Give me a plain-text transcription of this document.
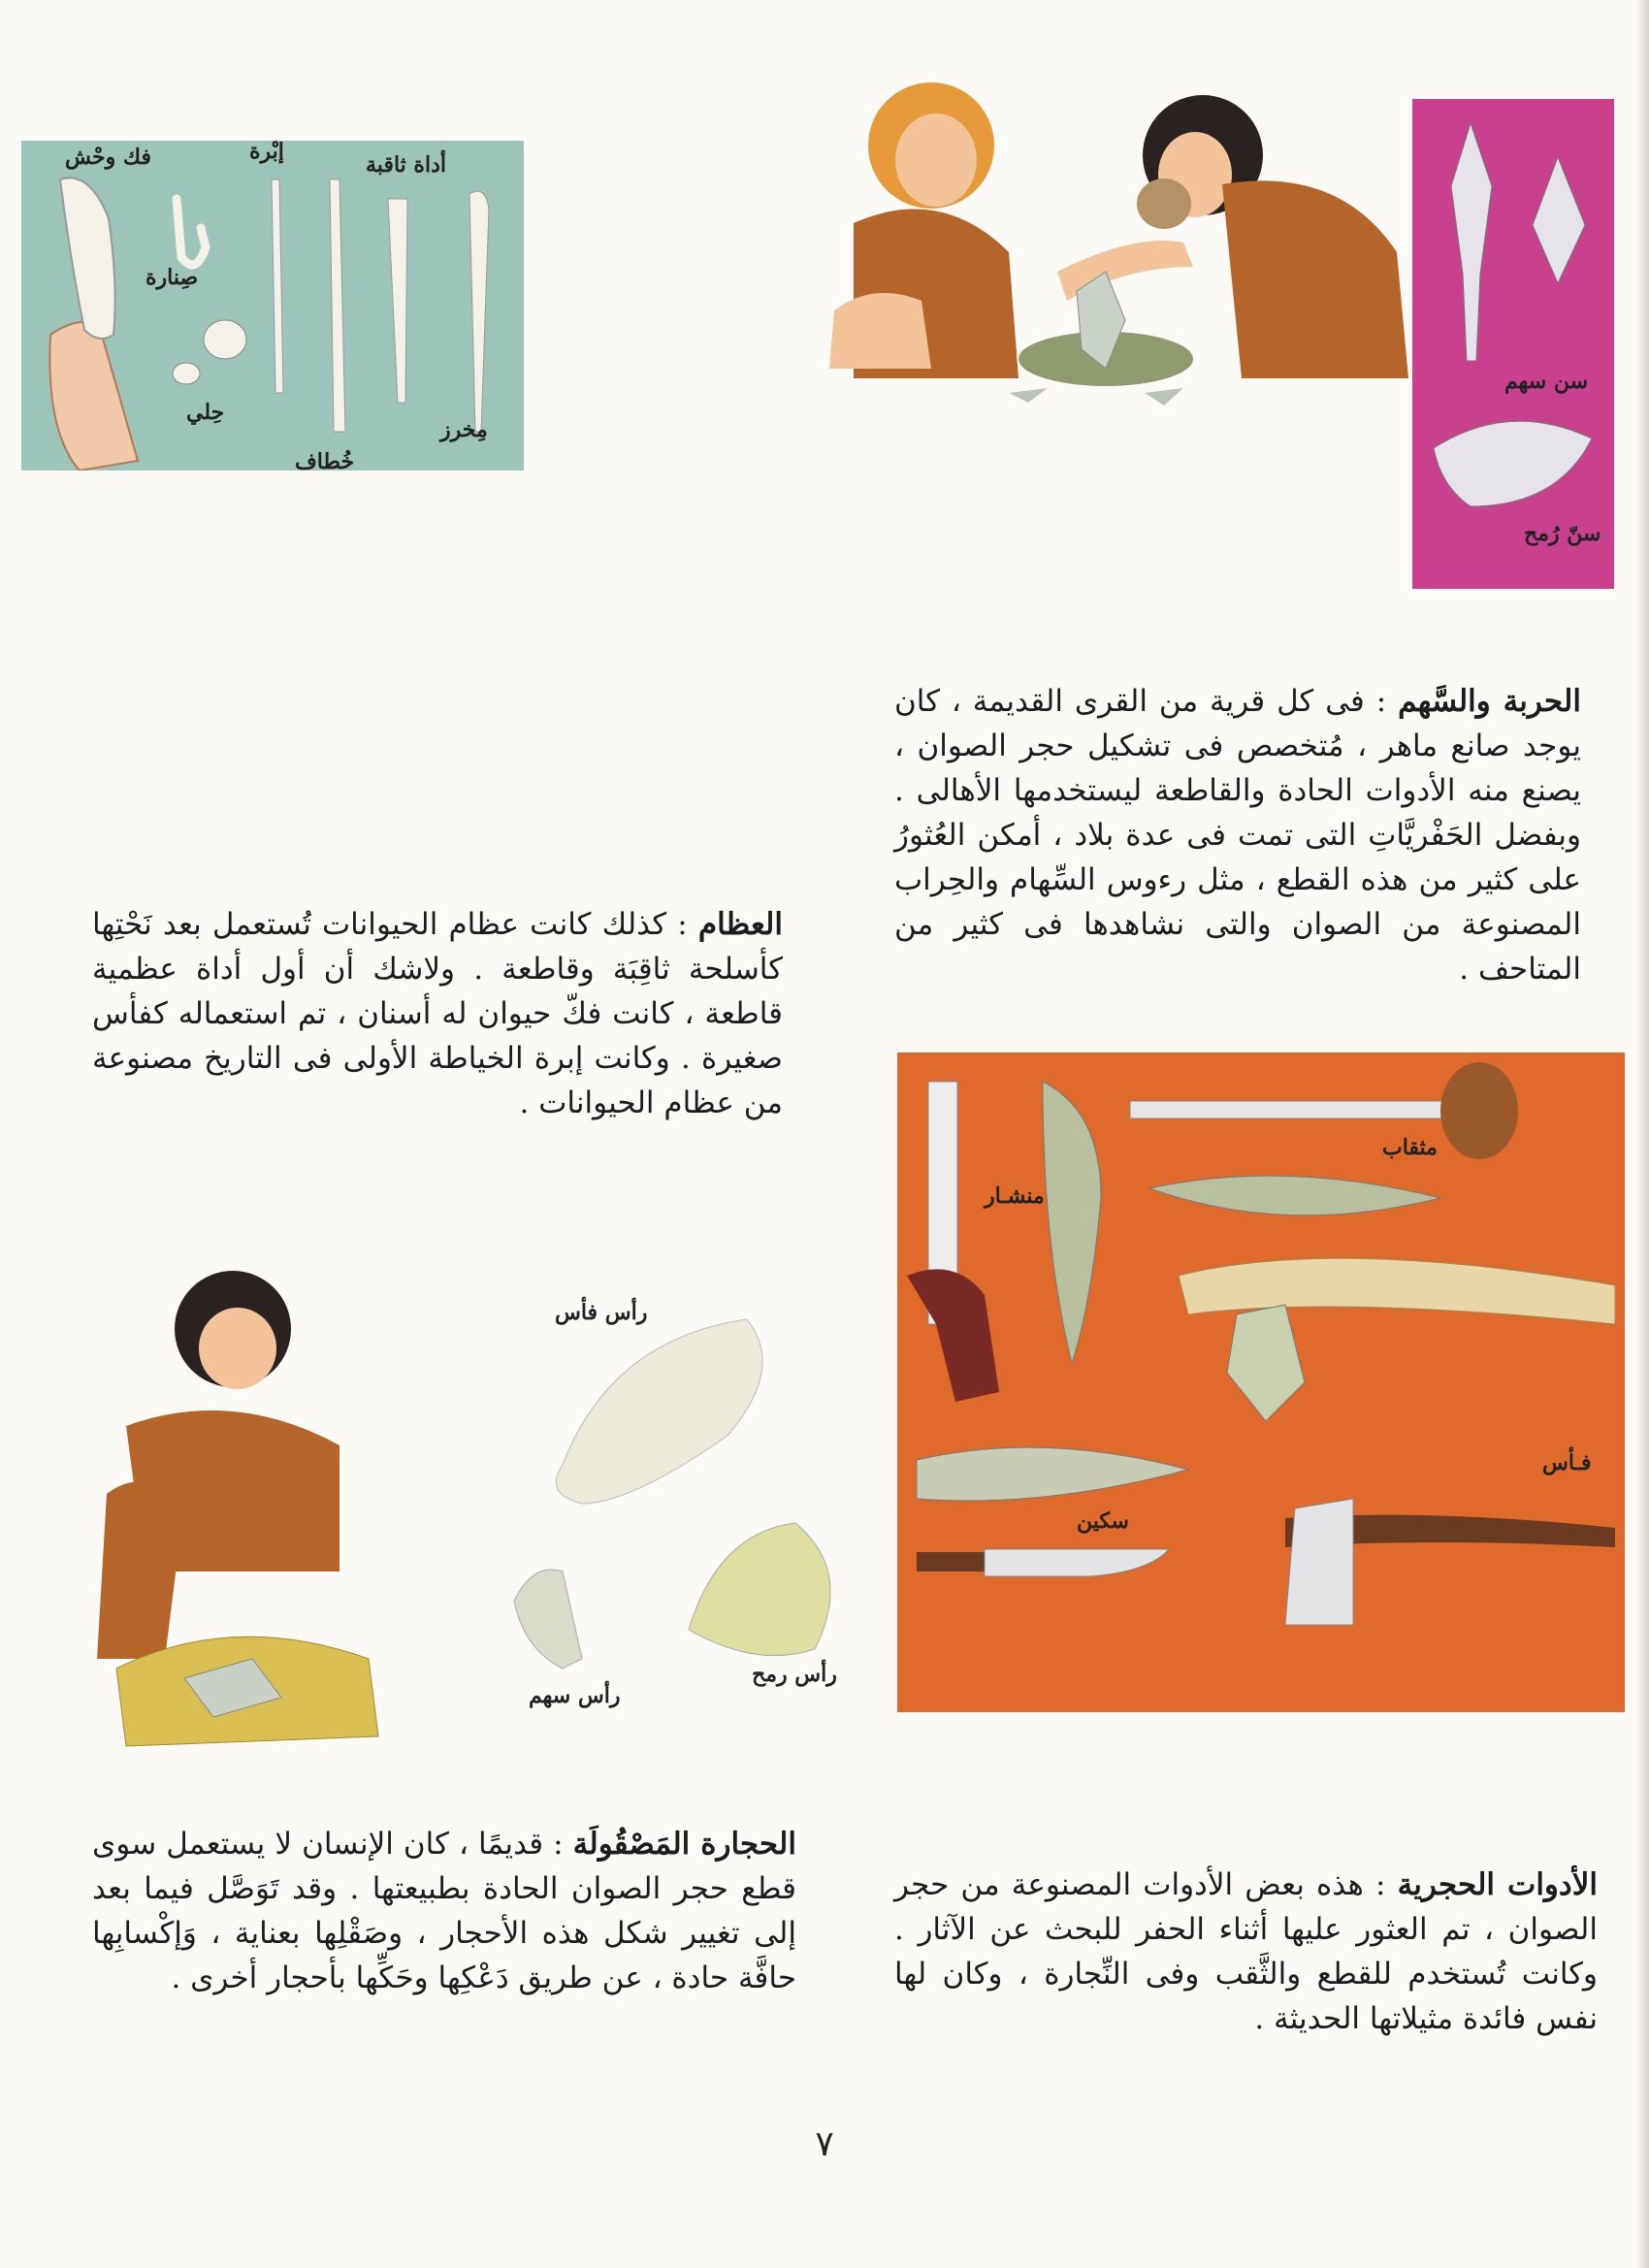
فك وحْش	إبْرة
أداة ثاقبة
صِنارة
حِلي
خُطاف
مِخرز
سن سهم
سنّ رُمح
الحربة والسَّهم : فى كل قرية من القرى القديمة ، كان يوجد صانع ماهر ، مُتخصص فى تشكيل حجر الصوان ، يصنع منه الأدوات الحادة والقاطعة ليستخدمها الأهالى . وبفضل الحَفْريَّاتِ التى تمت فى عدة بلاد ، أمكن العُثورُ على كثير من هذه القطع ، مثل رءوس السِّهام والحِراب المصنوعة من الصوان والتى نشاهدها فى كثير من المتاحف .
العظام : كذلك كانت عظام الحيوانات تُستعمل بعد نَحْتِها كأسلحة ثاقِبَة وقاطعة . ولاشك أن أول أداة عظمية قاطعة ، كانت فكّ حيوان له أسنان ، تم استعماله كفأس صغيرة . وكانت إبرة الخياطة الأولى فى التاريخ مصنوعة من عظام الحيوانات .
منشـار
مثقاب
فـأس
سكين
رأس فأس
رأس سهم
رأس رمح
الحجارة المَصْقُولَة : قديمًا ، كان الإنسان لا يستعمل سوى قطع حجر الصوان الحادة بطبيعتها . وقد تَوَصَّل فيما بعد إلى تغيير شكل هذه الأحجار ، وصَقْلِها بعناية ، وَإكْسابِها حافَّة حادة ، عن طريق دَعْكِها وحَكِّها بأحجار أخرى .
الأدوات الحجرية : هذه بعض الأدوات المصنوعة من حجر الصوان ، تم العثور عليها أثناء الحفر للبحث عن الآثار . وكانت تُستخدم للقطع والثَّقب وفى النِّجارة ، وكان لها نفس فائدة مثيلاتها الحديثة .
٧
